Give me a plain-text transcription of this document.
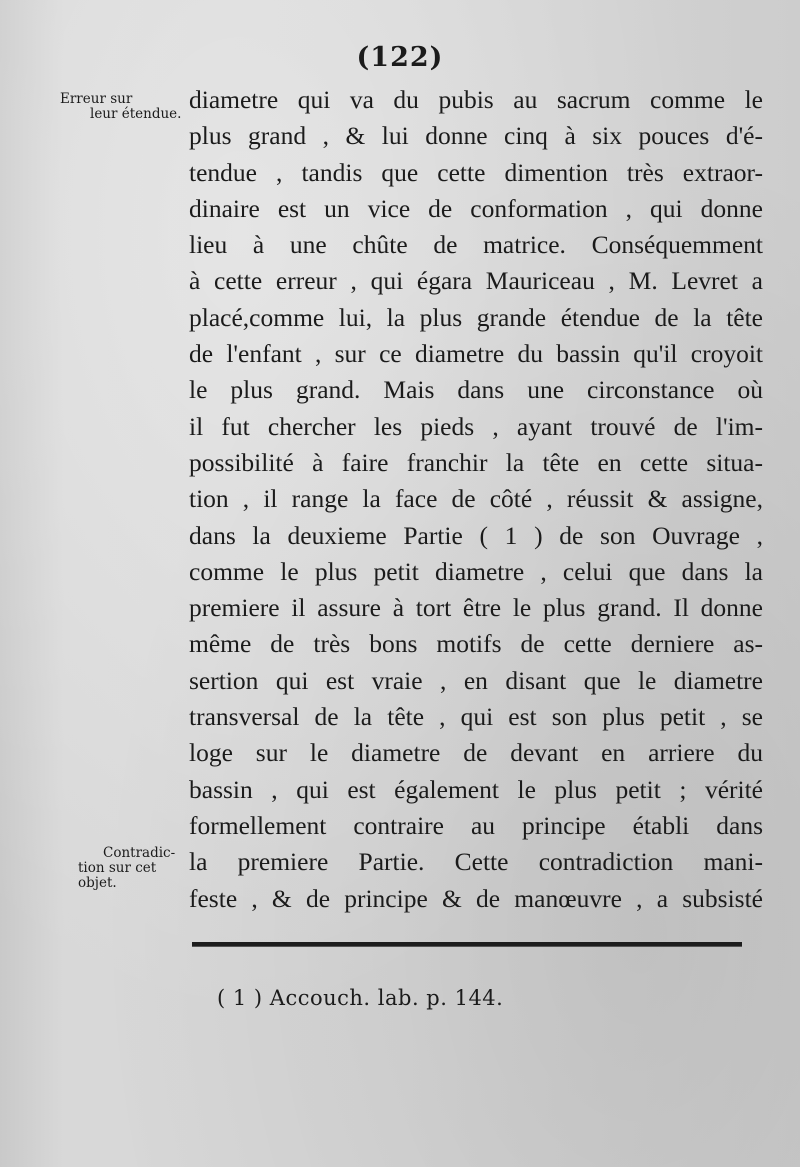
(122)
Erreur sur

leur étendue.
Contradic-
tion sur cet
objet.
diametre qui va du pubis au sacrum comme le
plus grand , & lui donne cinq à six pouces d'é-
tendue , tandis que cette dimention très extraor-
dinaire est un vice de conformation , qui donne
lieu à une chûte de matrice. Conséquemment
à cette erreur , qui égara Mauriceau , M. Levret a
placé,comme lui, la plus grande étendue de la tête
de l'enfant , sur ce diametre du bassin qu'il croyoit
le plus grand. Mais dans une circonstance où
il fut chercher les pieds , ayant trouvé de l'im-
possibilité à faire franchir la tête en cette situa-
tion , il range la face de côté , réussit & assigne,
dans la deuxieme Partie ( 1 ) de son Ouvrage ,
comme le plus petit diametre , celui que dans la
premiere il assure à tort être le plus grand. Il donne
même de très bons motifs de cette derniere as-
sertion qui est vraie , en disant que le diametre
transversal de la tête , qui est son plus petit , se
loge sur le diametre de devant en arriere du
bassin , qui est également le plus petit ; vérité
formellement contraire au principe établi dans
la premiere Partie. Cette contradiction mani-
feste , & de principe & de manœuvre , a subsisté
( 1 ) Accouch. lab. p. 144.
